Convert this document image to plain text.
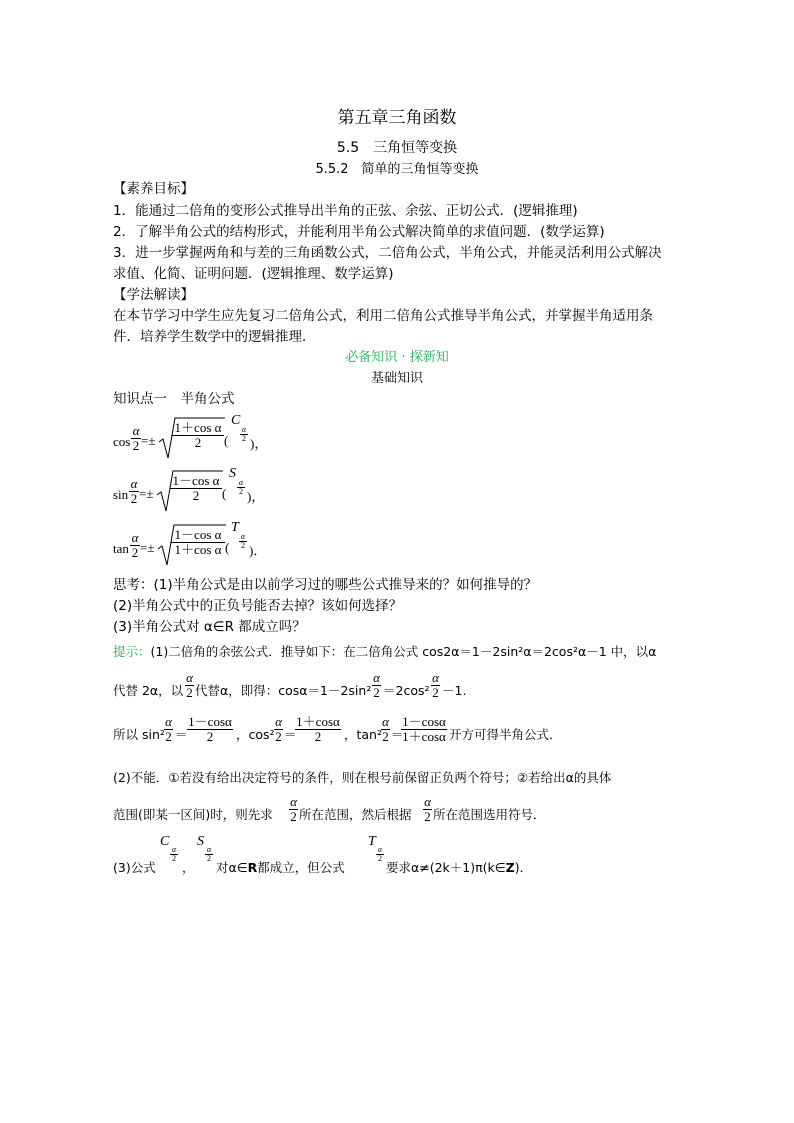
第五章三角函数
5.5　三角恒等变换
5.5.2　简单的三角恒等变换
【素养目标】
1．能通过二倍角的变形公式推导出半角的正弦、余弦、正切公式．(逻辑推理)
2．了解半角公式的结构形式，并能利用半角公式解决简单的求值问题．(数学运算)
3．进一步掌握两角和与差的三角函数公式，二倍角公式，半角公式，并能灵活利用公式解决
求值、化简、证明问题．(逻辑推理、数学运算)
【学法解读】
在本节学习中学生应先复习二倍角公式，利用二倍角公式推导半角公式，并掌握半角适用条
件．培养学生数学中的逻辑推理．
必备知识 · 探新知
基础知识
知识点一　半角公式
cos
α
2 =±
1＋cos α
2	(
C
α
2 )，
sin
α
2 =±
1－cos α
2	(
S
α
2 )，
tan
α
2 =±
1－cos α
1＋cos α (
T
α
2 )．
思考：(1)半角公式是由以前学习过的哪些公式推导来的？如何推导的？
(2)半角公式中的正负号能否去掉？该如何选择？
(3)半角公式对 α∈R 都成立吗？
提示：(1)二倍角的余弦公式．推导如下：在二倍角公式 cos2α＝1－2sin²α＝2cos²α－1 中，以α
代替 2α，以
α
2 代替α，即得：cosα＝1－2sin²
α
2 ＝2cos²
α
2 －1.
所以 sin²
α
2 ＝
1－cosα
2	，cos²
α
2 ＝
1＋cosα
2	，tan²
α
2 ＝
1－cosα
1＋cosα 开方可得半角公式．
(2)不能．①若没有给出决定符号的条件，则在根号前保留正负两个符号；②若给出α的具体
范围(即某一区间)时，则先求
α
2 所在范围，然后根据
α
2 所在范围选用符号．
(3)公式
C
α
2
，
S
α
2
对α∈R都成立，但公式
T
α
2
要求α≠(2k＋1)π(k∈Z)．
